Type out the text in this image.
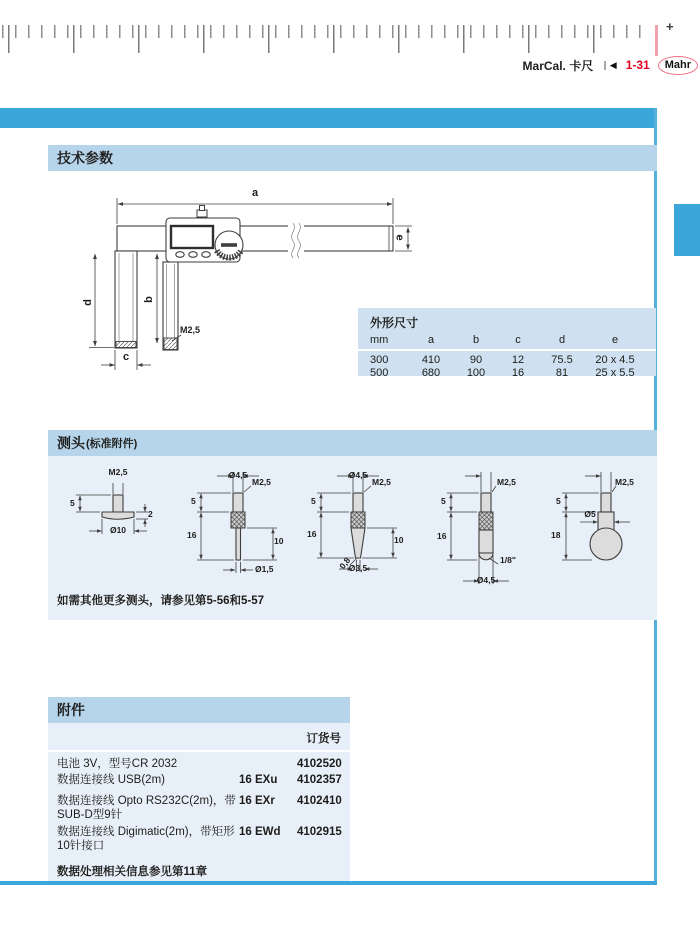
+
MarCal. 卡尺 ❘◀ 1-31	Mahr
技术参数
a
e
d	b
c
M2,5	外形尺寸
mm	a	b	c	d	e
300	410	90	12	75.5	20 x 4.5
500	680	100	16	81	25 x 5.5
测头 (标准附件)
M2,5
5
2
Ø10
Ø4,5
M2,5
5
16
10
Ø1,5
Ø4,5
M2,5
5
16
10
0,8
Ø3,5
M2,5
5
16
1/8"
Ø4,5
M2,5
5
Ø5
18
如需其他更多测头，请参见第5-56和5-57
附件
订货号
电池 3V，型号CR 2032	4102520
数据连接线 USB(2m)	16 EXu	4102357
数据连接线 Opto RS232C(2m)，带SUB-D型9针
16 EXr	4102410
数据连接线 Digimatic(2m)，带矩形10针接口
16 EWd	4102915
数据处理相关信息参见第11章
